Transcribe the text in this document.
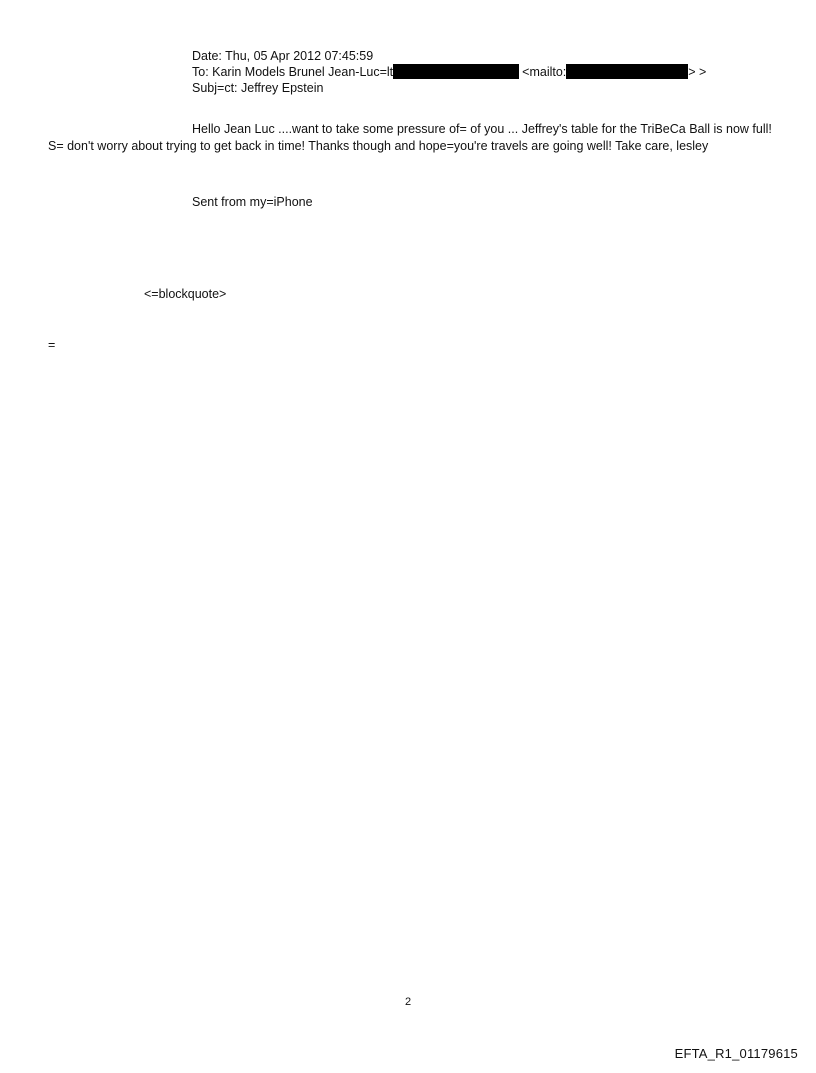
Date: Thu, 05 Apr 2012 07:45:59
To: Karin Models Brunel Jean-Luc=lt	<mailto:	> >
Subj=ct: Jeffrey Epstein
Hello Jean Luc ....want to take some pressure of= of you ... Jeffrey's table for the TriBeCa Ball is now full! S= don't worry about trying to get back in time! Thanks though and hope=you're travels are going well! Take care, lesley
Sent from my=iPhone
<=blockquote>
=
2
EFTA_R1_01179615
